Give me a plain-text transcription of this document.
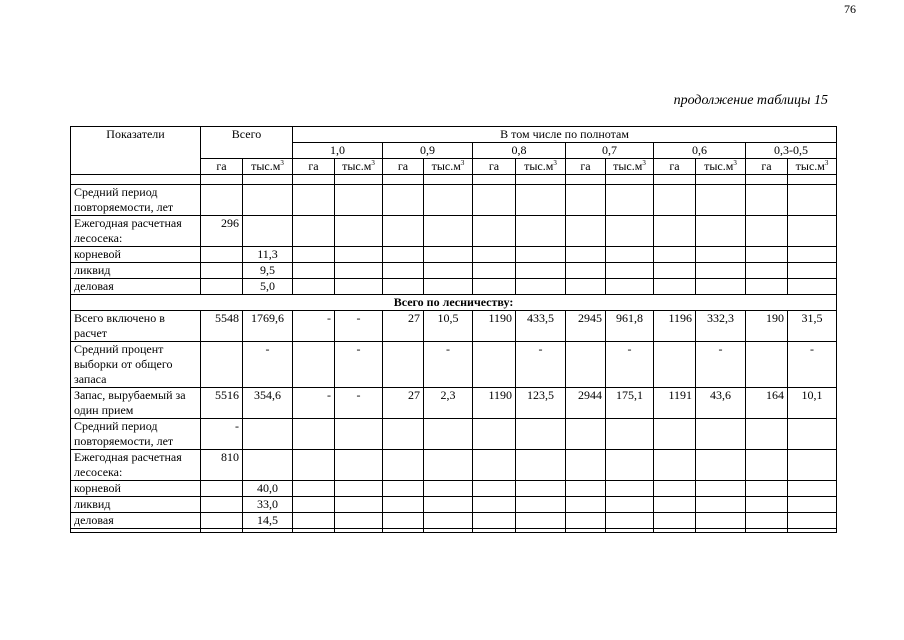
76
продолжение таблицы 15
Показатели	Всего		В том числе по полнотам											
			1,0		0,9		0,8		0,7		0,6		0,3-0,5	
	га	$тыс.м^3$	га	$тыс.м^3$	га	$тыс.м^3$	га	$тыс.м^3$	га	$тыс.м^3$	га	$тыс.м^3$	га	$тыс.м^3$

Средний период повторяемости, лет														
Ежегодная расчетная лесосека:	296													
корневой		11,3												
ликвид		9,5												
деловая		5,0												
Всего по лесничеству:														
Всего включено в расчет	5548	1769,6	-	-	27	10,5	1190	433,5	2945	961,8	1196	332,3	190	31,5
Средний процент выборки от общего запаса		-		-		-		-		-		-		-
Запас, вырубаемый за один прием	5516	354,6	-	-	27	2,3	1190	123,5	2944	175,1	1191	43,6	164	10,1
Средний период повторяемости, лет	-													
Ежегодная расчетная лесосека:	810													
корневой		40,0												
ликвид		33,0												
деловая		14,5												
